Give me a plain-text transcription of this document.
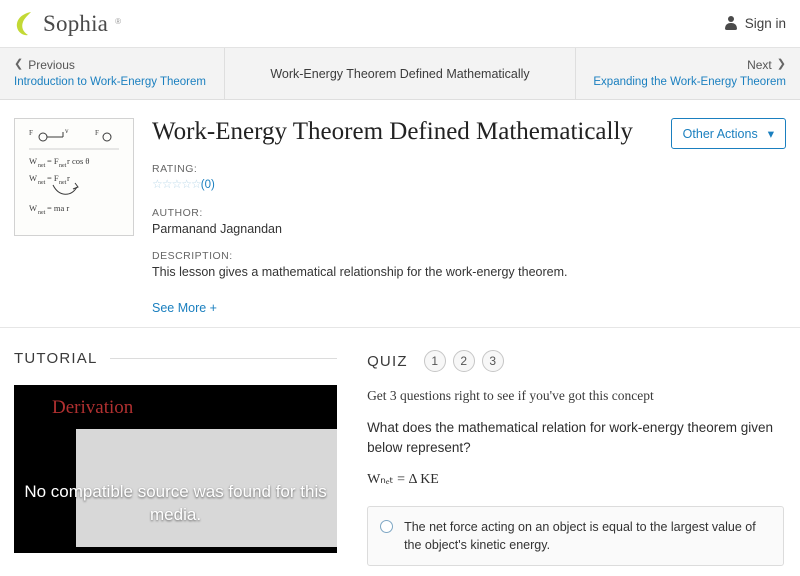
Sophia ®	Sign in
❮ Previous
Introduction to Work-Energy Theorem
Work-Energy Theorem Defined Mathematically
Next ❯
Expanding the Work-Energy Theorem
F	v	F
W net = F net r cos θ
W net = F net r
W net = ma r
Work-Energy Theorem Defined Mathematically	Other Actions ▾
RATING:
☆☆☆☆☆(0)
AUTHOR:
Parmanand Jagnandan
DESCRIPTION:
This lesson gives a mathematical relationship for the work-energy theorem.
See More +
TUTORIAL
Derivation
No compatible source was found for this media.
QUIZ	1	2	3
Get 3 questions right to see if you've got this concept
What does the mathematical relation for work-energy theorem given below represent?
Wₙₑₜ = Δ KE
The net force acting on an object is equal to the largest value of the object's kinetic energy.
